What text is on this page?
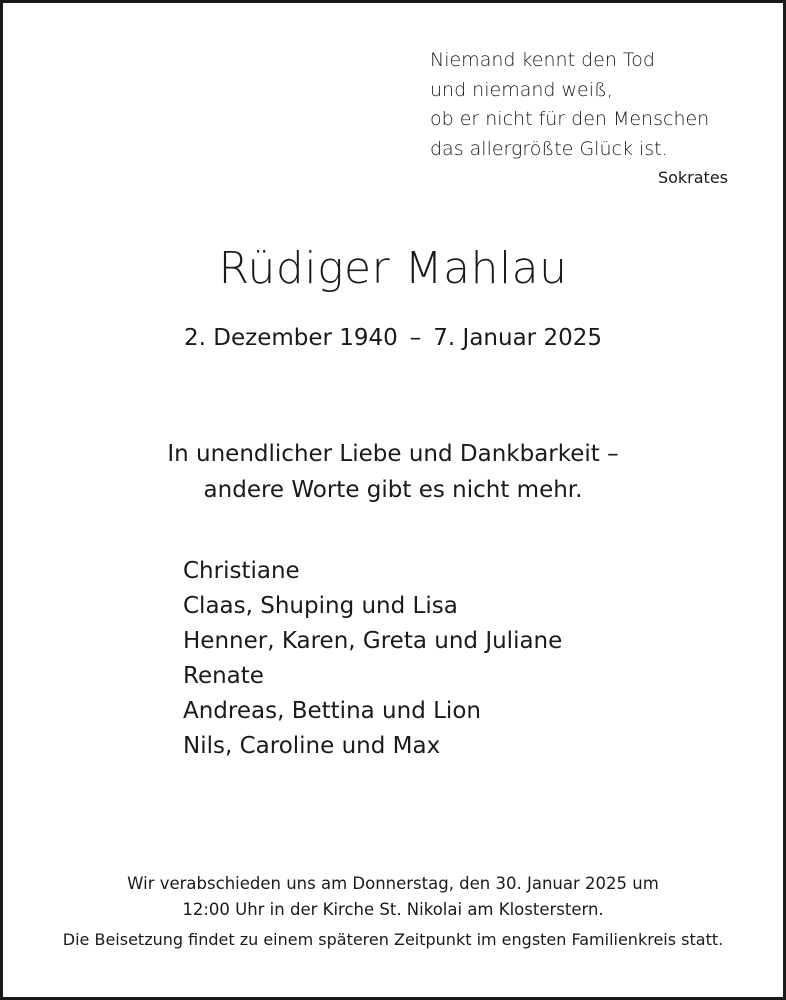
Niemand kennt den Tod
und niemand weiß,
ob er nicht für den Menschen
das allergrößte Glück ist.
Sokrates
Rüdiger Mahlau
2. Dezember 1940 – 7. Januar 2025
In unendlicher Liebe und Dankbarkeit –
andere Worte gibt es nicht mehr.
Christiane
Claas, Shuping und Lisa
Henner, Karen, Greta und Juliane
Renate
Andreas, Bettina und Lion
Nils, Caroline und Max
Wir verabschieden uns am Donnerstag, den 30. Januar 2025 um
12:00 Uhr in der Kirche St. Nikolai am Klosterstern.
Die Beisetzung findet zu einem späteren Zeitpunkt im engsten Familienkreis statt.
